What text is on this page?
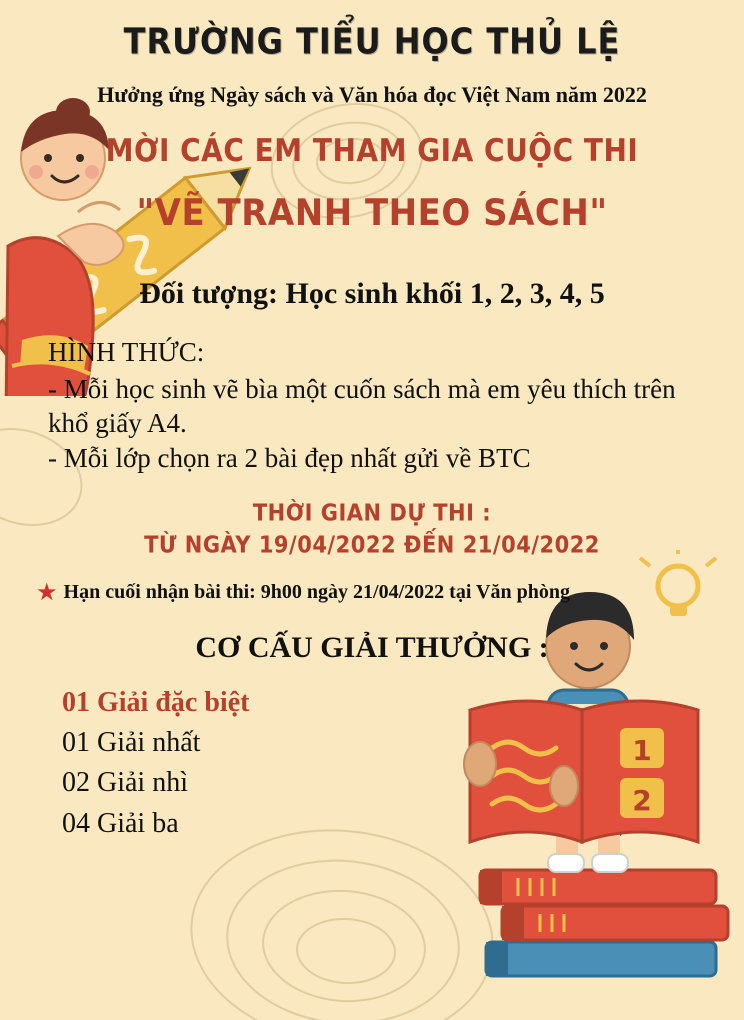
1
2
TRƯỜNG TIỂU HỌC THỦ LỆ
Hưởng ứng Ngày sách và Văn hóa đọc Việt Nam năm 2022
MỜI CÁC EM THAM GIA CUỘC THI
"VẼ TRANH THEO SÁCH"
Đối tượng: Học sinh khối 1, 2, 3, 4, 5
HÌNH THỨC:
- Mỗi học sinh vẽ bìa một cuốn sách mà em yêu thích trên khổ giấy A4.
- Mỗi lớp chọn ra 2 bài đẹp nhất gửi về BTC
THỜI GIAN DỰ THI :
TỪ NGÀY 19/04/2022 ĐẾN 21/04/2022
★ Hạn cuối nhận bài thi: 9h00 ngày 21/04/2022 tại Văn phòng
CƠ CẤU GIẢI THƯỞNG :
01 Giải đặc biệt
01 Giải nhất
02 Giải nhì
04 Giải ba
